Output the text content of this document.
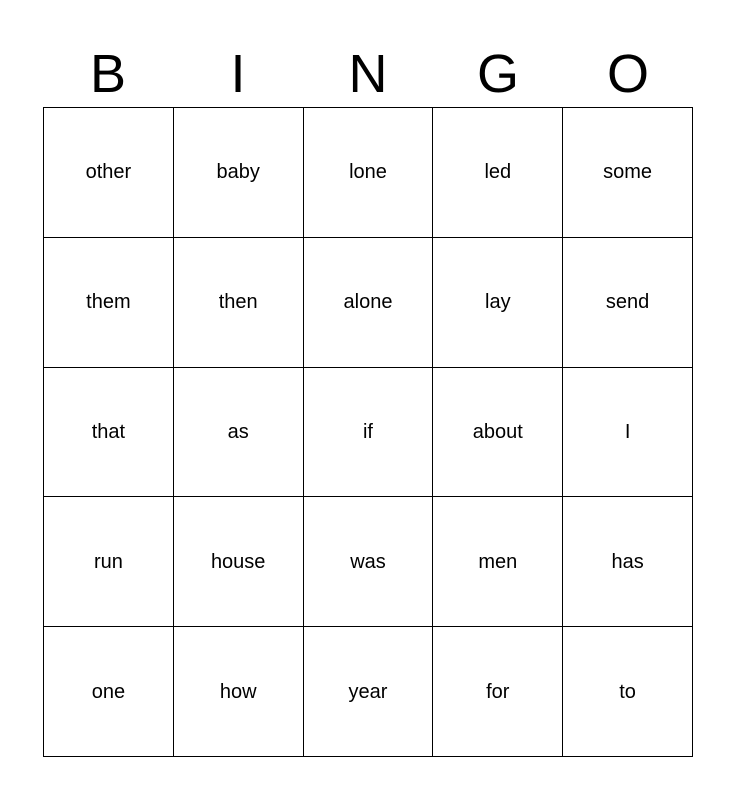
B	I	N	G	O
other	baby	lone	led	some
them	then	alone	lay	send
that	as	if	about	I
run	house	was	men	has
one	how	year	for	to
